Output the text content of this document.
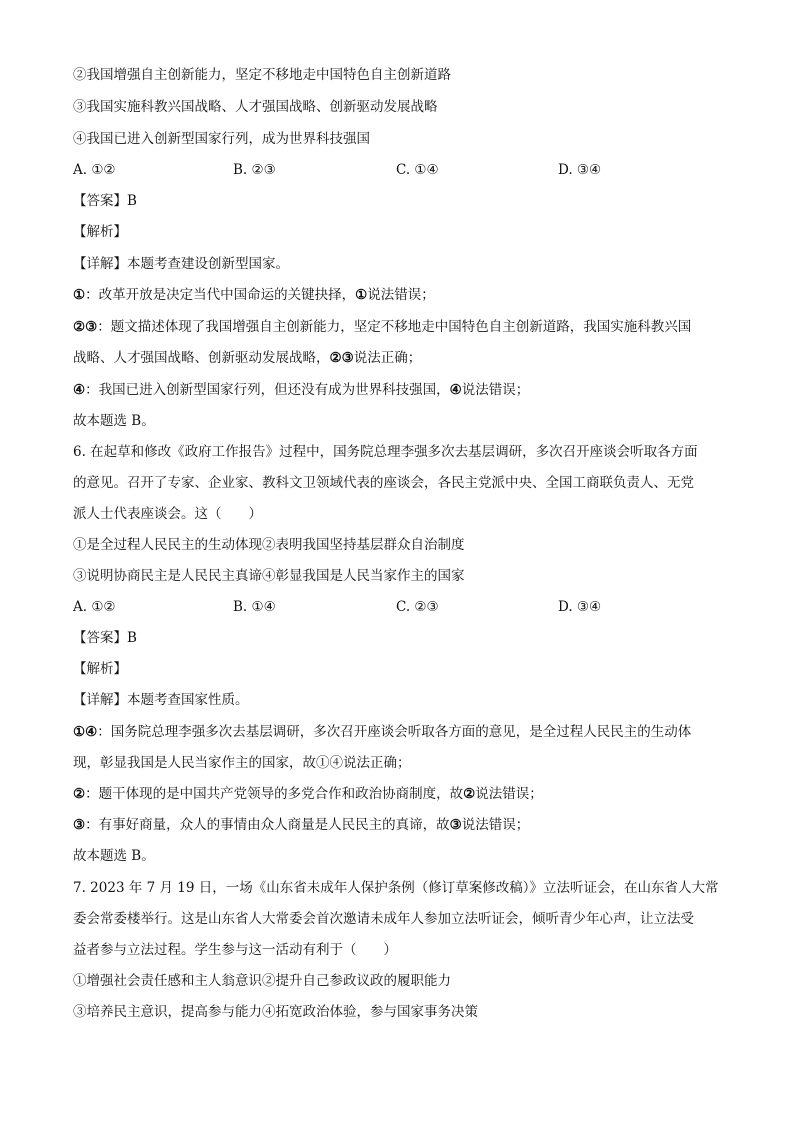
②我国增强自主创新能力，坚定不移地走中国特色自主创新道路
③我国实施科教兴国战略、人才强国战略、创新驱动发展战略
④我国已进入创新型国家行列，成为世界科技强国
A. ①②	B. ②③	C. ①④	D. ③④
【答案】B
【解析】
【详解】本题考查建设创新型国家。
①：改革开放是决定当代中国命运的关键抉择，①说法错误；
②③：题文描述体现了我国增强自主创新能力，坚定不移地走中国特色自主创新道路，我国实施科教兴国
战略、人才强国战略、创新驱动发展战略，②③说法正确；
④：我国已进入创新型国家行列，但还没有成为世界科技强国，④说法错误；
故本题选 B。
6. 在起草和修改《政府工作报告》过程中，国务院总理李强多次去基层调研，多次召开座谈会听取各方面
的意见。召开了专家、企业家、教科文卫领域代表的座谈会，各民主党派中央、全国工商联负责人、无党
派人士代表座谈会。这（　　）
①是全过程人民民主的生动体现②表明我国坚持基层群众自治制度
③说明协商民主是人民民主真谛④彰显我国是人民当家作主的国家
A. ①②	B. ①④	C. ②③	D. ③④
【答案】B
【解析】
【详解】本题考查国家性质。
①④：国务院总理李强多次去基层调研，多次召开座谈会听取各方面的意见，是全过程人民民主的生动体
现，彰显我国是人民当家作主的国家，故①④说法正确；
②：题干体现的是中国共产党领导的多党合作和政治协商制度，故②说法错误；
③：有事好商量，众人的事情由众人商量是人民民主的真谛，故③说法错误；
故本题选 B。
7. 2023 年 7 月 19 日，一场《山东省未成年人保护条例（修订草案修改稿）》立法听证会，在山东省人大常
委会常委楼举行。这是山东省人大常委会首次邀请未成年人参加立法听证会，倾听青少年心声，让立法受
益者参与立法过程。学生参与这一活动有利于（　　）
①增强社会责任感和主人翁意识②提升自己参政议政的履职能力
③培养民主意识，提高参与能力④拓宽政治体验，参与国家事务决策
